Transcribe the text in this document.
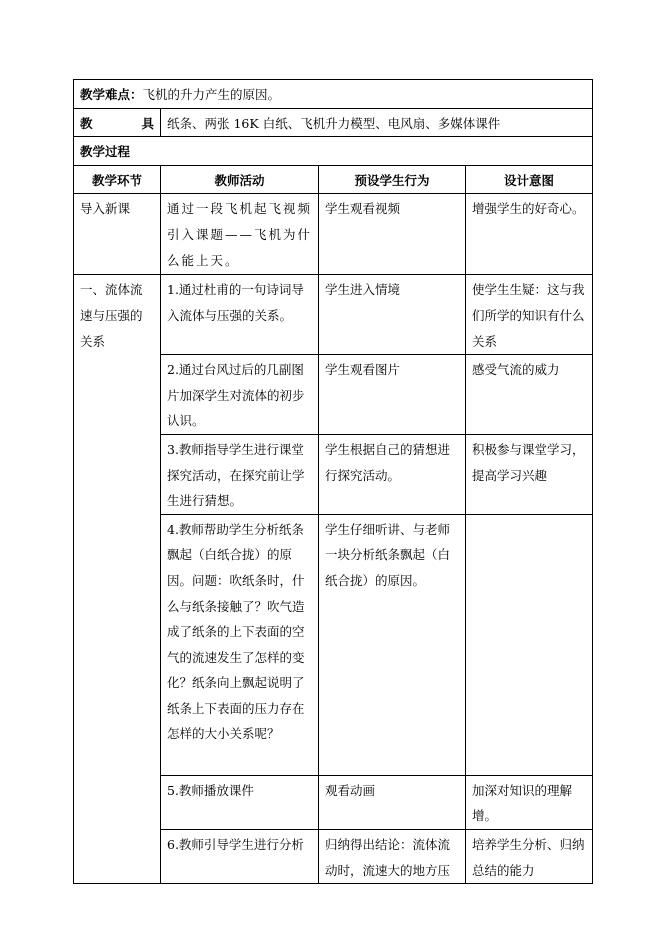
教学难点：飞机的升力产生的原因。			

教 具	纸条、两张 16K 白纸、飞机升力模型、电风扇、多媒体课件		
教学过程			
教学环节	教师活动	预设学生行为	设计意图
导入新课	通过一段飞机起飞视频引入课题——飞机为什么能上天。	学生观看视频	增强学生的好奇心。
一、流体流速与压强的关系	1.通过杜甫的一句诗词导入流体与压强的关系。	学生进入情境	使学生生疑：这与我们所学的知识有什么关系
	2.通过台风过后的几副图片加深学生对流体的初步认识。	学生观看图片	感受气流的威力
	3.教师指导学生进行课堂探究活动，在探究前让学生进行猜想。	学生根据自己的猜想进行探究活动。	积极参与课堂学习，提高学习兴趣
	4.教师帮助学生分析纸条飘起（白纸合拢）的原因。问题：吹纸条时，什么与纸条接触了？吹气造成了纸条的上下表面的空气的流速发生了怎样的变化？纸条向上飘起说明了纸条上下表面的压力存在怎样的大小关系呢？	学生仔细听讲、与老师一块分析纸条飘起（白纸合拢）的原因。	
	5.教师播放课件	观看动画	加深对知识的理解增。
	6.教师引导学生进行分析	归纳得出结论：流体流动时，流速大的地方压	培养学生分析、归纳总结的能力
